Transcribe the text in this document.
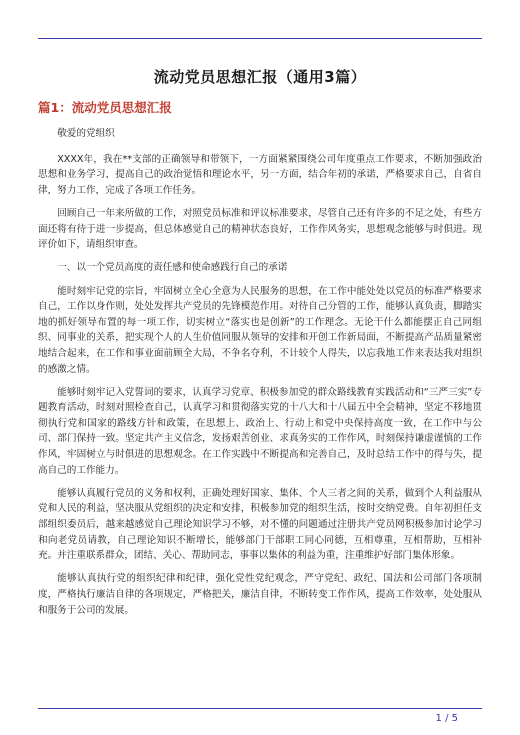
流动党员思想汇报（通用3篇）
篇1：流动党员思想汇报

敬爱的党组织

XXXX年，我在**支部的正确领导和带领下，一方面紧紧围绕公司年度重点工作要求，不断加强政治思想和业务学习，提高自己的政治觉悟和理论水平，另一方面，结合年初的承诺，严格要求自己，自省自律，努力工作，完成了各项工作任务。

回顾自己一年来所做的工作，对照党员标准和评议标准要求，尽管自己还有许多的不足之处，有些方面还将有待于进一步提高，但总体感觉自己的精神状态良好，工作作风务实，思想观念能够与时俱进。现评价如下，请组织审查。

一、以一个党员高度的责任感和使命感践行自己的承诺

能时刻牢记党的宗旨，牢固树立全心全意为人民服务的思想，在工作中能处处以党员的标准严格要求自己，工作以身作则，处处发挥共产党员的先锋模范作用。对待自己分管的工作，能够认真负责，脚踏实地的抓好领导布置的每一项工作，切实树立“落实也是创新”的工作理念。无论干什么都能摆正自己同组织、同事业的关系，把实现个人的人生价值同服从领导的安排和开创工作新局面，不断提高产品质量紧密地结合起来，在工作和事业面前顾全大局，不争名夺利，不计较个人得失，以忘我地工作来表达我对组织的感激之情。

能够时刻牢记入党誓词的要求，认真学习党章、积极参加党的群众路线教育实践活动和“三严三实”专题教育活动，时刻对照检查自己，认真学习和贯彻落实党的十八大和十八届五中全会精神，坚定不移地贯彻执行党和国家的路线方针和政策，在思想上、政治上、行动上和党中央保持高度一致，在工作中与公司、部门保持一致。坚定共产主义信念，发扬艰苦创业、求真务实的工作作风，时刻保持谦虚谨慎的工作作风，牢固树立与时俱进的思想观念。在工作实践中不断提高和完善自己，及时总结工作中的得与失，提高自己的工作能力。

能够认真履行党员的义务和权利，正确处理好国家、集体、个人三者之间的关系，做到个人利益服从党和人民的利益，坚决服从党组织的决定和安排，积极参加党的组织生活，按时交纳党费。自年初担任支部组织委员后，越来越感觉自己理论知识学习不够，对不懂的问题通过注册共产党员网积极参加讨论学习和向老党员请教，自己理论知识不断增长，能够部门干部职工同心同德，互相尊重，互相帮助，互相补充。并注重联系群众，团结、关心、帮助同志，事事以集体的利益为重，注重维护好部门集体形象。

能够认真执行党的组织纪律和纪律，强化党性党纪观念，严守党纪、政纪、国法和公司部门各项制度，严格执行廉洁自律的各项规定，严格把关，廉洁自律，不断转变工作作风，提高工作效率，处处服从和服务于公司的发展。

1 / 5
